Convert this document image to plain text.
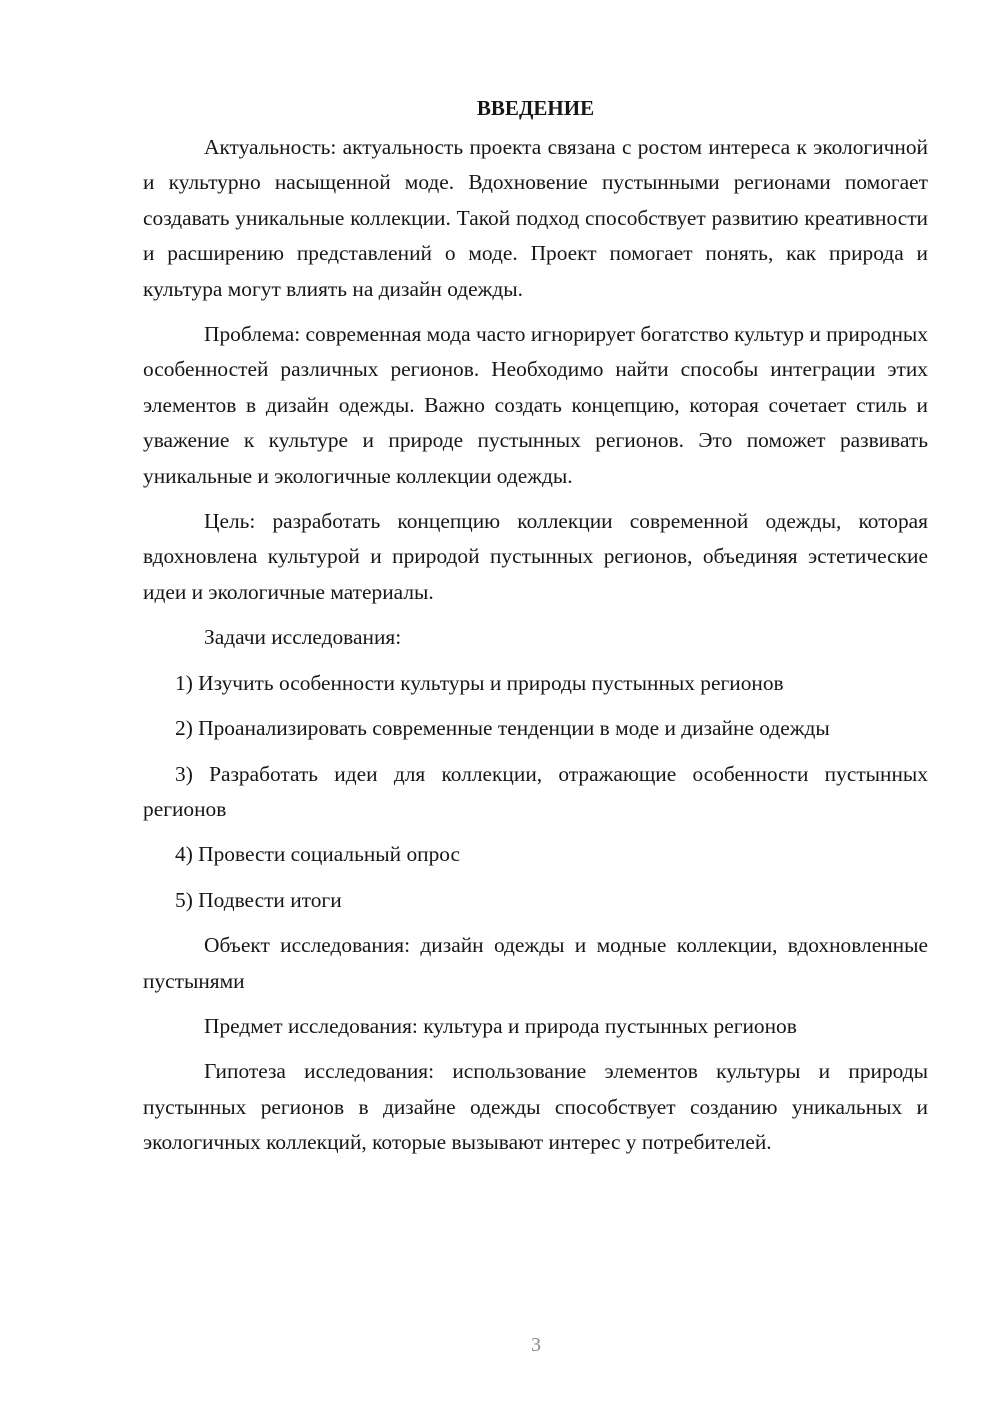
ВВЕДЕНИЕ

Актуальность: актуальность проекта связана с ростом интереса к экологичной и культурно насыщенной моде. Вдохновение пустынными регионами помогает создавать уникальные коллекции. Такой подход способствует развитию креативности и расширению представлений о моде. Проект помогает понять, как природа и культура могут влиять на дизайн одежды.

Проблема: современная мода часто игнорирует богатство культур и природных особенностей различных регионов. Необходимо найти способы интеграции этих элементов в дизайн одежды. Важно создать концепцию, которая сочетает стиль и уважение к культуре и природе пустынных регионов. Это поможет развивать уникальные и экологичные коллекции одежды.

Цель: разработать концепцию коллекции современной одежды, которая вдохновлена культурой и природой пустынных регионов, объединяя эстетические идеи и экологичные материалы.

Задачи исследования:

1) Изучить особенности культуры и природы пустынных регионов

2) Проанализировать современные тенденции в моде и дизайне одежды

3) Разработать идеи для коллекции, отражающие особенности пустынных регионов

4) Провести социальный опрос

5) Подвести итоги

Объект исследования: дизайн одежды и модные коллекции, вдохновленные пустынями

Предмет исследования: культура и природа пустынных регионов

Гипотеза исследования: использование элементов культуры и природы пустынных регионов в дизайне одежды способствует созданию уникальных и экологичных коллекций, которые вызывают интерес у потребителей.

3
